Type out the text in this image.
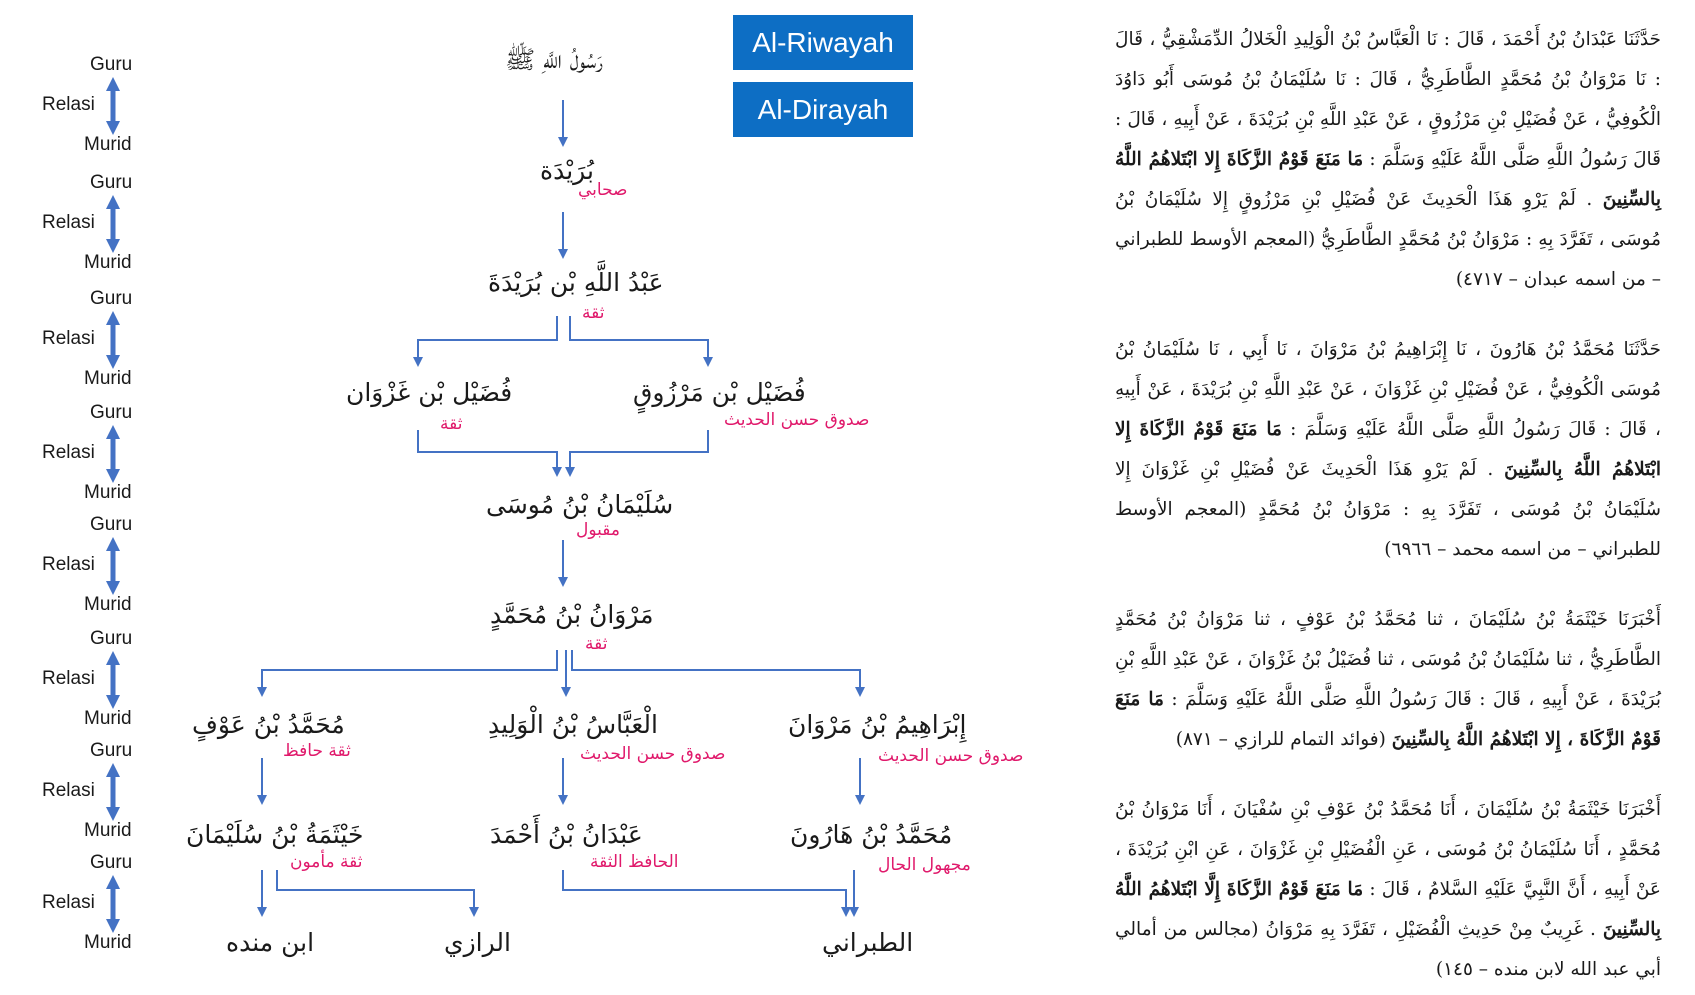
Guru
Relasi
Murid
Guru
Relasi
Murid
Guru
Relasi
Murid
Guru
Relasi
Murid
Guru
Relasi
Murid
Guru
Relasi
Murid
Guru
Relasi
Murid
Guru
Relasi
Murid
Al-Riwayah
Al-Dirayah
رَسُولُ اللَّهِ ﷺ
بُرَيْدَة
صحابي
عَبْدُ اللَّهِ بْن بُرَيْدَةَ
ثقة
فُضَيْل بْن غَزْوَان
ثقة
فُضَيْل بْن مَرْزُوقٍ
صدوق حسن الحديث
سُلَيْمَانُ بْنُ مُوسَى
مقبول
مَرْوَانُ بْنُ مُحَمَّدٍ
ثقة
مُحَمَّدُ بْنُ عَوْفٍ
ثقة حافظ
الْعَبَّاسُ بْنُ الْوَلِيدِ
صدوق حسن الحديث
إِبْرَاهِيمُ بْنُ مَرْوَانَ
صدوق حسن الحديث
خَيْثَمَةُ بْنُ سُلَيْمَانَ
ثقة مأمون
عَبْدَانُ بْنُ أَحْمَدَ
الحافظ الثقة
مُحَمَّدُ بْنُ هَارُونَ
مجهول الحال
ابن منده	الرازي	الطبراني
حَدَّثَنَا عَبْدَانُ بْنُ أَحْمَدَ ، قَالَ : نَا الْعَبَّاسُ بْنُ الْوَلِيدِ الْخَلالُ الدِّمَشْقِيُّ ، قَالَ : نَا مَرْوَانُ بْنُ مُحَمَّدٍ الطَّاطَرِيُّ ، قَالَ : نَا سُلَيْمَانُ بْنُ مُوسَى أَبُو دَاوُدَ الْكُوفِيُّ ، عَنْ فُضَيْلِ بْنِ مَرْزُوقٍ ، عَنْ عَبْدِ اللَّهِ بْنِ بُرَيْدَةَ ، عَنْ أَبِيهِ ، قَالَ : قَالَ رَسُولُ اللَّهِ صَلَّى اللَّهُ عَلَيْهِ وَسَلَّمَ : مَا مَنَعَ قَوْمٌ الزَّكَاةَ إِلا ابْتَلاهُمُ اللَّهُ بِالسِّنِينَ . لَمْ يَرْوِ هَذَا الْحَدِيثَ عَنْ فُضَيْلِ بْنِ مَرْزُوقٍ إِلا سُلَيْمَانُ بْنُ مُوسَى ، تَفَرَّدَ بِهِ : مَرْوَانُ بْنُ مُحَمَّدٍ الطَّاطَرِيُّ (المعجم الأوسط للطبراني – من اسمه عبدان – ٤٧١٧)
حَدَّثَنَا مُحَمَّدُ بْنُ هَارُونَ ، نَا إِبْرَاهِيمُ بْنُ مَرْوَانَ ، نَا أَبِي ، نَا سُلَيْمَانُ بْنُ مُوسَى الْكُوفِيُّ ، عَنْ فُضَيْلِ بْنِ غَزْوَانَ ، عَنْ عَبْدِ اللَّهِ بْنِ بُرَيْدَةَ ، عَنْ أَبِيهِ ، قَالَ : قَالَ رَسُولُ اللَّهِ صَلَّى اللَّهُ عَلَيْهِ وَسَلَّمَ : مَا مَنَعَ قَوْمٌ الزَّكَاةَ إِلا ابْتَلاهُمُ اللَّهُ بِالسِّنِينَ . لَمْ يَرْوِ هَذَا الْحَدِيثَ عَنْ فُضَيْلِ بْنِ غَزْوَانَ إِلا سُلَيْمَانُ بْنُ مُوسَى ، تَفَرَّدَ بِهِ : مَرْوَانُ بْنُ مُحَمَّدٍ (المعجم الأوسط للطبراني – من اسمه محمد – ٦٩٦٦)
أَخْبَرَنَا خَيْثَمَةُ بْنُ سُلَيْمَانَ ، ثنا مُحَمَّدُ بْنُ عَوْفٍ ، ثنا مَرْوَانُ بْنُ مُحَمَّدٍ الطَّاطَرِيُّ ، ثنا سُلَيْمَانُ بْنُ مُوسَى ، ثنا فُضَيْلُ بْنُ غَزْوَانَ ، عَنْ عَبْدِ اللَّهِ بْنِ بُرَيْدَةَ ، عَنْ أَبِيهِ ، قَالَ : قَالَ رَسُولُ اللَّهِ صَلَّى اللَّهُ عَلَيْهِ وَسَلَّمَ : مَا مَنَعَ قَوْمٌ الزَّكَاةَ ، إِلا ابْتَلاهُمُ اللَّهُ بِالسِّنِينَ (فوائد التمام للرازي – ٨٧١)
أَخْبَرَنَا خَيْثَمَةُ بْنُ سُلَيْمَانَ ، أَنَا مُحَمَّدُ بْنُ عَوْفِ بْنِ سُفْيَانَ ، أَنَا مَرْوَانُ بْنُ مُحَمَّدٍ ، أَنَا سُلَيْمَانُ بْنُ مُوسَى ، عَنِ الْفُضَيْلِ بْنِ غَزْوَانَ ، عَنِ ابْنِ بُرَيْدَةَ ، عَنْ أَبِيهِ ، أَنَّ النَّبِيَّ عَلَيْهِ السَّلامُ ، قَالَ : مَا مَنَعَ قَوْمٌ الزَّكَاةَ إِلَّا ابْتَلاهُمُ اللَّهُ بِالسِّنِينَ . غَرِيبٌ مِنْ حَدِيثِ الْفُضَيْلِ ، تَفَرَّدَ بِهِ مَرْوَانُ (مجالس من أمالي أبي عبد الله لابن منده – ١٤٥)
